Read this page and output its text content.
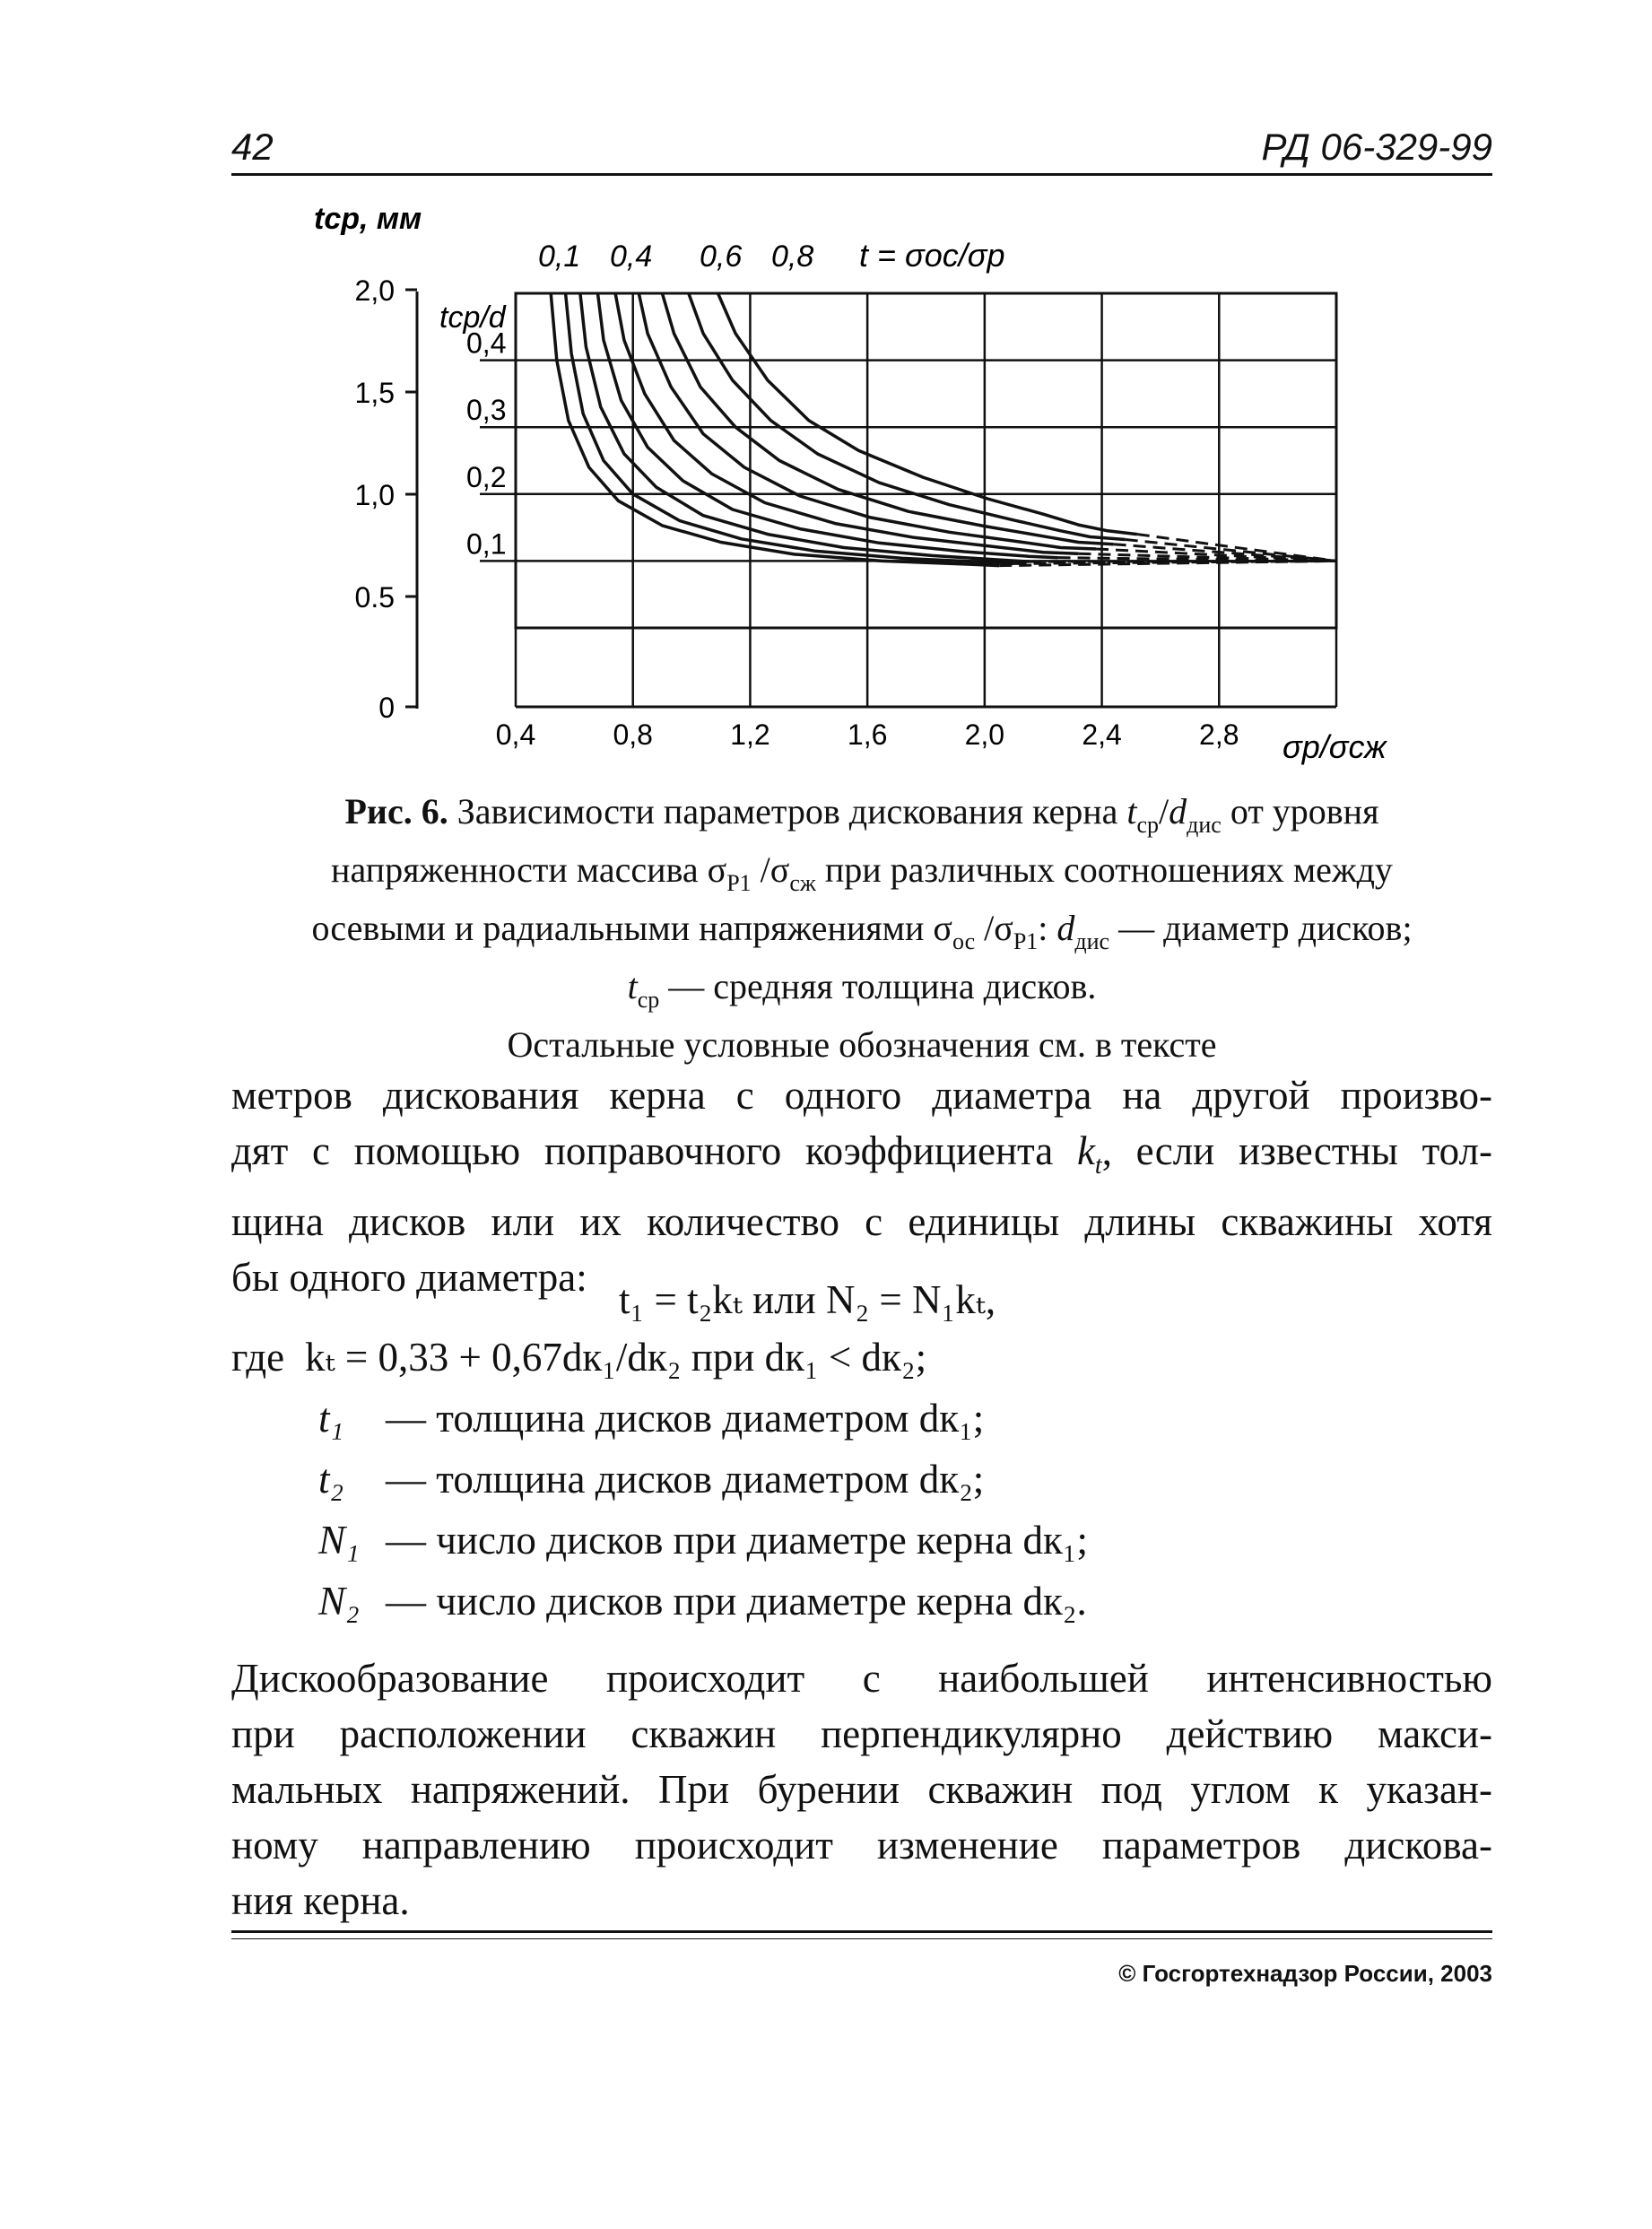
42	РД 06-329-99
0,4	0,8	1,2	1,6	2,0	2,4	2,8
0,4
0,3
0,2
0,1
2,0
1,5
1,0
0.5
0
0,1 0,4 0,6 0,8
tср, мм
tср/d
t = σос/σр
σр/σсж

Рис. 6. Зависимости параметров дискования керна $t_{ср}/d_{дис}$ от уровня

напряженности массива $\sigma_{Р1}$ $/\sigma_{сж}$ при различных соотношениях между

осевыми и радиальными напряжениями $\sigma_{ос}$ $/\sigma_{Р1}$: $d_{дис}$ — диаметр дисков;

$t_{ср}$ — средняя толщина дисков.

Остальные условные обозначения см. в тексте

метров дискования керна с одного диаметра на другой произво-
дят с помощью поправочного коэффициента $k_t$, если известны тол-
щина дисков или их количество с единицы длины скважины хотя
бы одного диаметра: t₁ = t₂kₜ или N₂ = N₁kₜ,
где kₜ = 0,33 + 0,67dк₁/dк₂ при dк₁ < dк₂;
t₁ — толщина дисков диаметром dк₁;
t₂ — толщина дисков диаметром dк₂;
N₁ — число дисков при диаметре керна dк₁;
N₂ — число дисков при диаметре керна dк₂.
Дискообразование происходит с наибольшей интенсивностью
при расположении скважин перпендикулярно действию макси-
мальных напряжений. При бурении скважин под углом к указан-
ному направлению происходит изменение параметров дискова-
ния керна.
© Госгортехнадзор России, 2003
